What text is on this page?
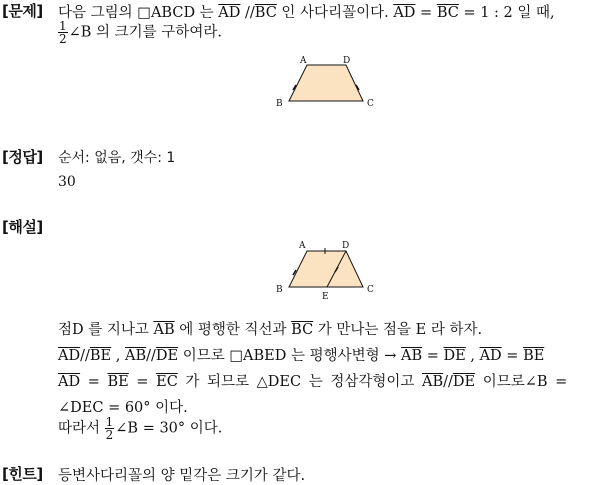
[문제] 다음 그림의 □ABCD 는 $\overline{AD}$ $//\overline{BC}$ 인 사다리꼴이다. $\overline{AD} = \overline{BC} = 1$ : 2 일 때,
$\frac{1}{2}$ ∠B 의 크기를 구하여라.
A	D
B	C
[정답] 순서: 없음, 갯수: 1
30
[해설]
A	D
B	C
E
점D 를 지나고 $\overline{AB}$ 에 평행한 직선과 $\overline{BC}$ 가 만나는 점을 E 라 하자.
$\overline{AD}//\overline{BE}$ , $\overline{AB}//\overline{DE}$ 이므로 □ABED 는 평행사변형 → $\overline{AB} = \overline{DE}$ , $\overline{AD} = \overline{BE}$
$\overline{AD} = \overline{BE} = \overline{EC}$ 가 되므로 △DEC 는 정삼각형이고 $\overline{AB}//\overline{DE}$ 이므로∠B =
∠DEC = 60° 이다.
따라서 $\frac{1}{2}$ ∠B = 30° 이다.
[힌트] 등변사다리꼴의 양 밑각은 크기가 같다.
